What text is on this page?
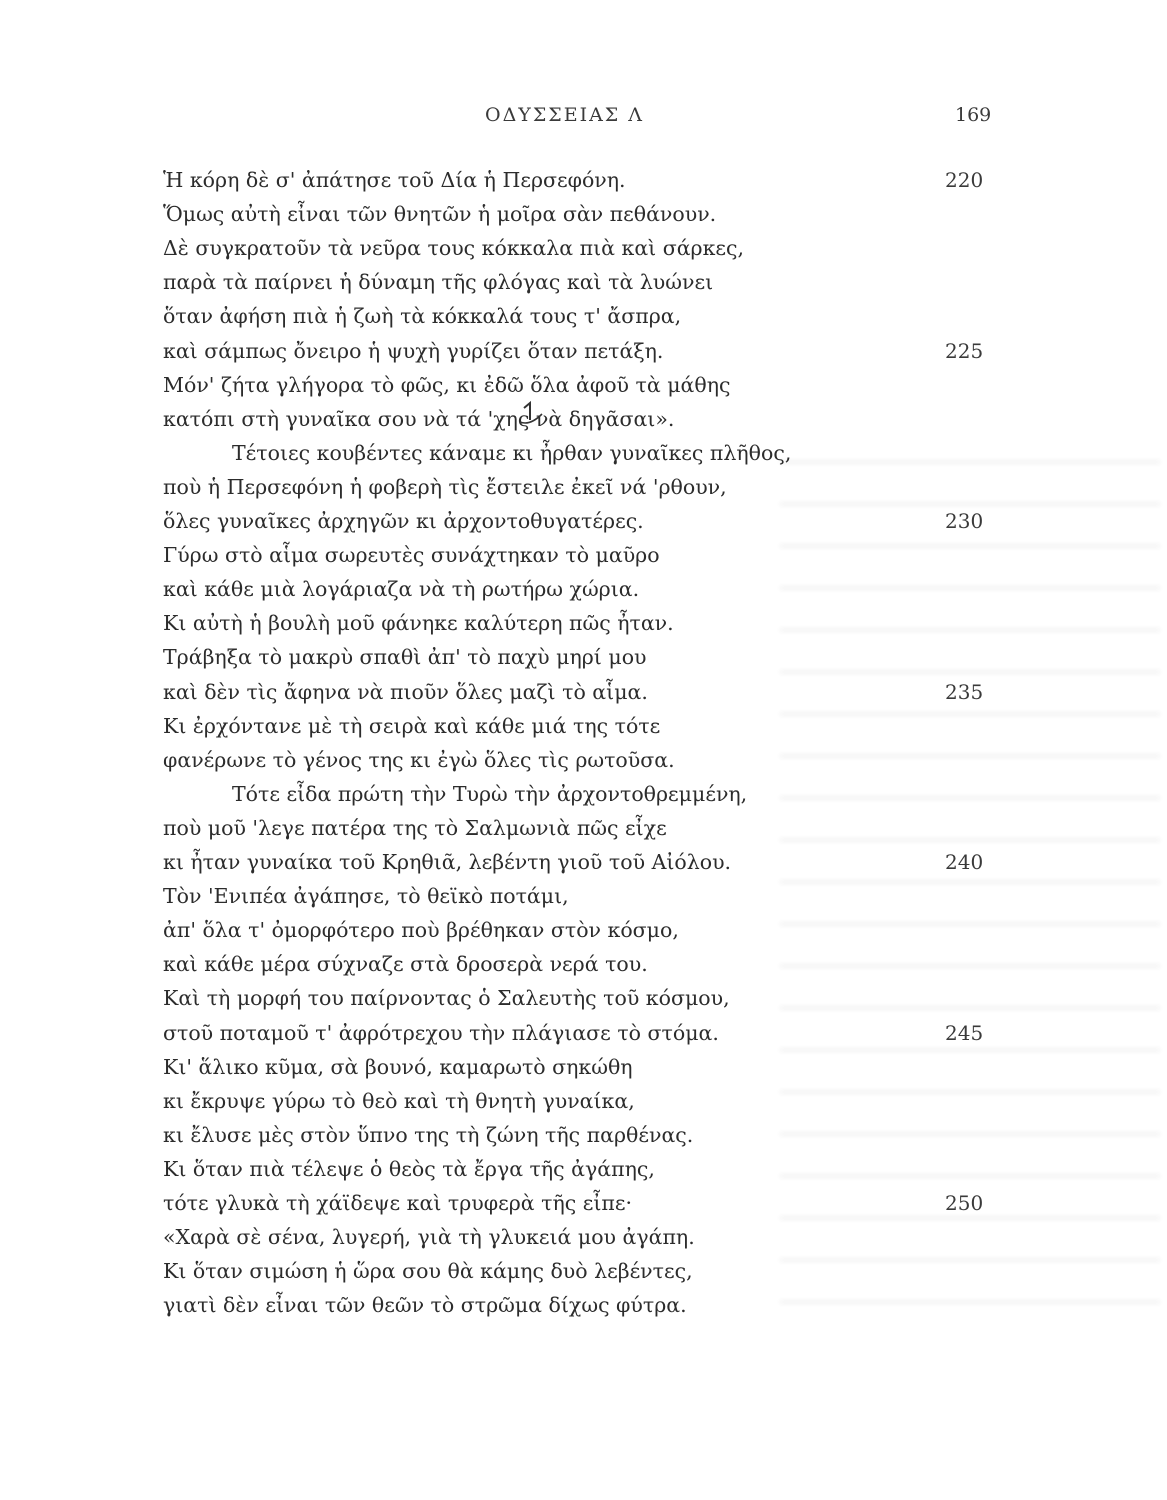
ΟΔΥΣΣΕΙΑΣ Λ	169
Ἡ κόρη δὲ σ' ἀπάτησε τοῦ Δία ἡ Περσεφόνη.	220
Ὅμως αὐτὴ εἶναι τῶν θνητῶν ἡ μοῖρα σὰν πεθάνουν.
Δὲ συγκρατοῦν τὰ νεῦρα τους κόκκαλα πιὰ καὶ σάρκες,
παρὰ τὰ παίρνει ἡ δύναμη τῆς φλόγας καὶ τὰ λυώνει
ὅταν ἀφήση πιὰ ἡ ζωὴ τὰ κόκκαλά τους τ' ἄσπρα,
καὶ σάμπως ὄνειρο ἡ ψυχὴ γυρίζει ὅταν πετάξη.	225
Μόν' ζήτα γλήγορα τὸ φῶς, κι ἐδῶ ὅλα ἀφοῦ τὰ μάθης
κατόπι στὴ γυναῖκα σου νὰ τά 'χης νὰ δηγᾶσαι».
Τέτοιες κουβέντες κάναμε κι ἦρθαν γυναῖκες πλῆθος,
ποὺ ἡ Περσεφόνη ἡ φοβερὴ τὶς ἔστειλε ἐκεῖ νά 'ρθουν,
ὅλες γυναῖκες ἀρχηγῶν κι ἀρχοντοθυγατέρες.	230
Γύρω στὸ αἷμα σωρευτὲς συνάχτηκαν τὸ μαῦρο
καὶ κάθε μιὰ λογάριαζα νὰ τὴ ρωτήρω χώρια.
Κι αὐτὴ ἡ βουλὴ μοῦ φάνηκε καλύτερη πῶς ἦταν.
Τράβηξα τὸ μακρὺ σπαθὶ ἀπ' τὸ παχὺ μηρί μου
καὶ δὲν τὶς ἄφηνα νὰ πιοῦν ὅλες μαζὶ τὸ αἷμα.	235
Κι ἐρχόντανε μὲ τὴ σειρὰ καὶ κάθε μιά της τότε
φανέρωνε τὸ γένος της κι ἐγὼ ὅλες τὶς ρωτοῦσα.
Τότε εἶδα πρώτη τὴν Τυρὼ τὴν ἀρχοντοθρεμμένη,
ποὺ μοῦ 'λεγε πατέρα της τὸ Σαλμωνιὰ πῶς εἶχε
κι ἦταν γυναίκα τοῦ Κρηθιᾶ, λεβέντη γιοῦ τοῦ Αἰόλου.	240
Τὸν 'Ενιπέα ἀγάπησε, τὸ θεϊκὸ ποτάμι,
ἀπ' ὅλα τ' ὀμορφότερο ποὺ βρέθηκαν στὸν κόσμο,
καὶ κάθε μέρα σύχναζε στὰ δροσερὰ νερά του.
Καὶ τὴ μορφή του παίρνοντας ὁ Σαλευτὴς τοῦ κόσμου,
στοῦ ποταμοῦ τ' ἀφρότρεχου τὴν πλάγιασε τὸ στόμα.	245
Κι' ἅλικο κῦμα, σὰ βουνό, καμαρωτὸ σηκώθη
κι ἔκρυψε γύρω τὸ θεὸ καὶ τὴ θνητὴ γυναίκα,
κι ἔλυσε μὲς στὸν ὕπνο της τὴ ζώνη τῆς παρθένας.
Κι ὅταν πιὰ τέλεψε ὁ θεὸς τὰ ἔργα τῆς ἀγάπης,
τότε γλυκὰ τὴ χάϊδεψε καὶ τρυφερὰ τῆς εἶπε·	250
«Χαρὰ σὲ σένα, λυγερή, γιὰ τὴ γλυκειά μου ἀγάπη.
Κι ὅταν σιμώση ἡ ὥρα σου θὰ κάμης δυὸ λεβέντες,
γιατὶ δὲν εἶναι τῶν θεῶν τὸ στρῶμα δίχως φύτρα.
